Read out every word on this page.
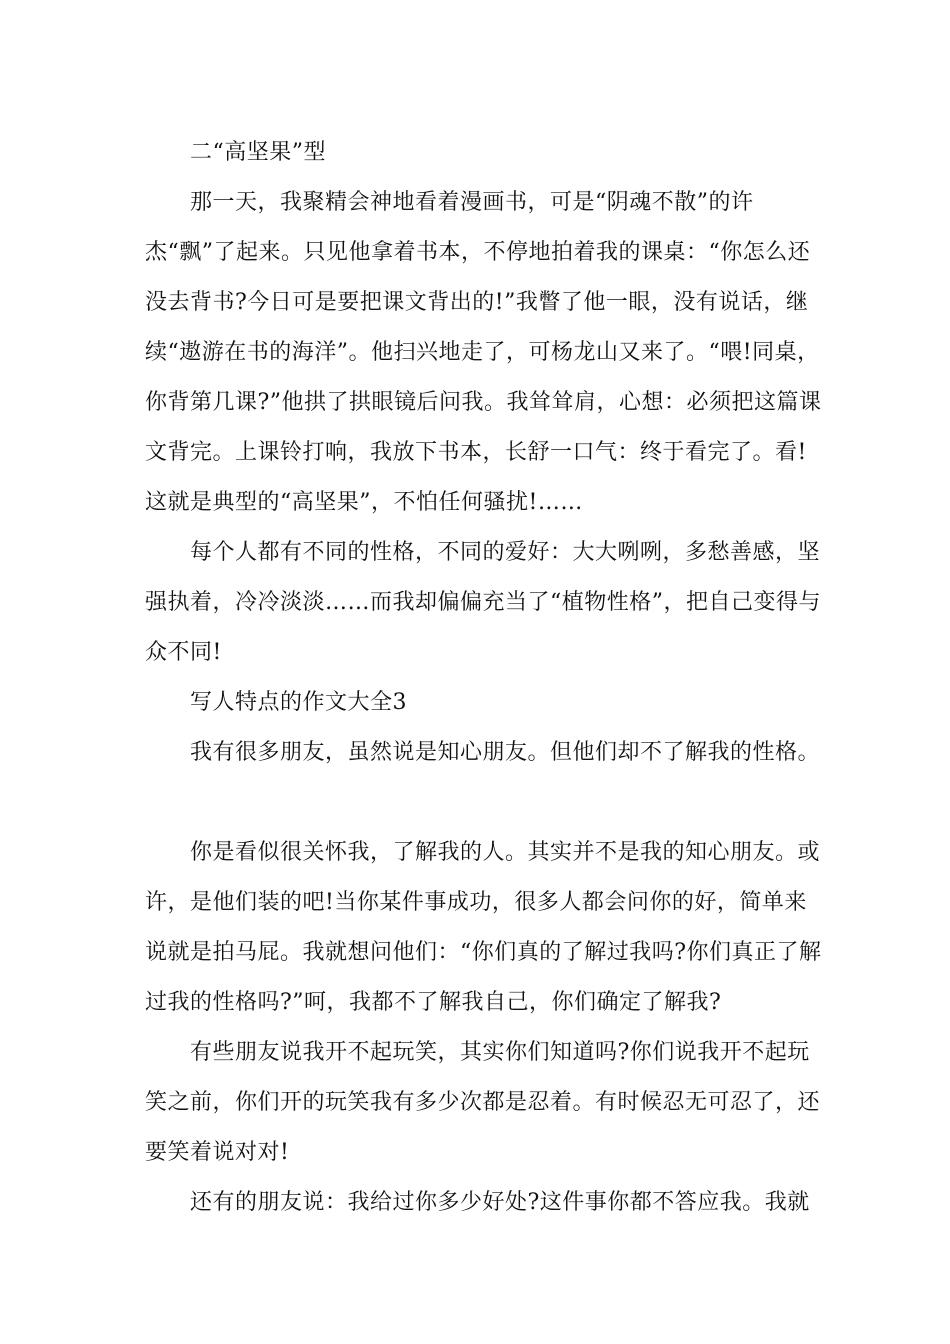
二“高坚果”型

那一天，我聚精会神地看着漫画书，可是“阴魂不散”的许杰“飘”了起来。只见他拿着书本，不停地拍着我的课桌：“你怎么还没去背书?今日可是要把课文背出的!”我瞥了他一眼，没有说话，继续“遨游在书的海洋”。他扫兴地走了，可杨龙山又来了。“喂!同桌，你背第几课?”他拱了拱眼镜后问我。我耸耸肩，心想：必须把这篇课文背完。上课铃打响，我放下书本，长舒一口气：终于看完了。看!这就是典型的“高坚果”，不怕任何骚扰!……

每个人都有不同的性格，不同的爱好：大大咧咧，多愁善感，坚强执着，冷冷淡淡……而我却偏偏充当了“植物性格”，把自己变得与众不同!

写人特点的作文大全3

我有很多朋友，虽然说是知心朋友。但他们却不了解我的性格。

你是看似很关怀我，了解我的人。其实并不是我的知心朋友。或许，是他们装的吧!当你某件事成功，很多人都会问你的好，简单来说就是拍马屁。我就想问他们：“你们真的了解过我吗?你们真正了解过我的性格吗?”呵，我都不了解我自己，你们确定了解我?

有些朋友说我开不起玩笑，其实你们知道吗?你们说我开不起玩笑之前，你们开的玩笑我有多少次都是忍着。有时候忍无可忍了，还要笑着说对对!

还有的朋友说：我给过你多少好处?这件事你都不答应我。我就
